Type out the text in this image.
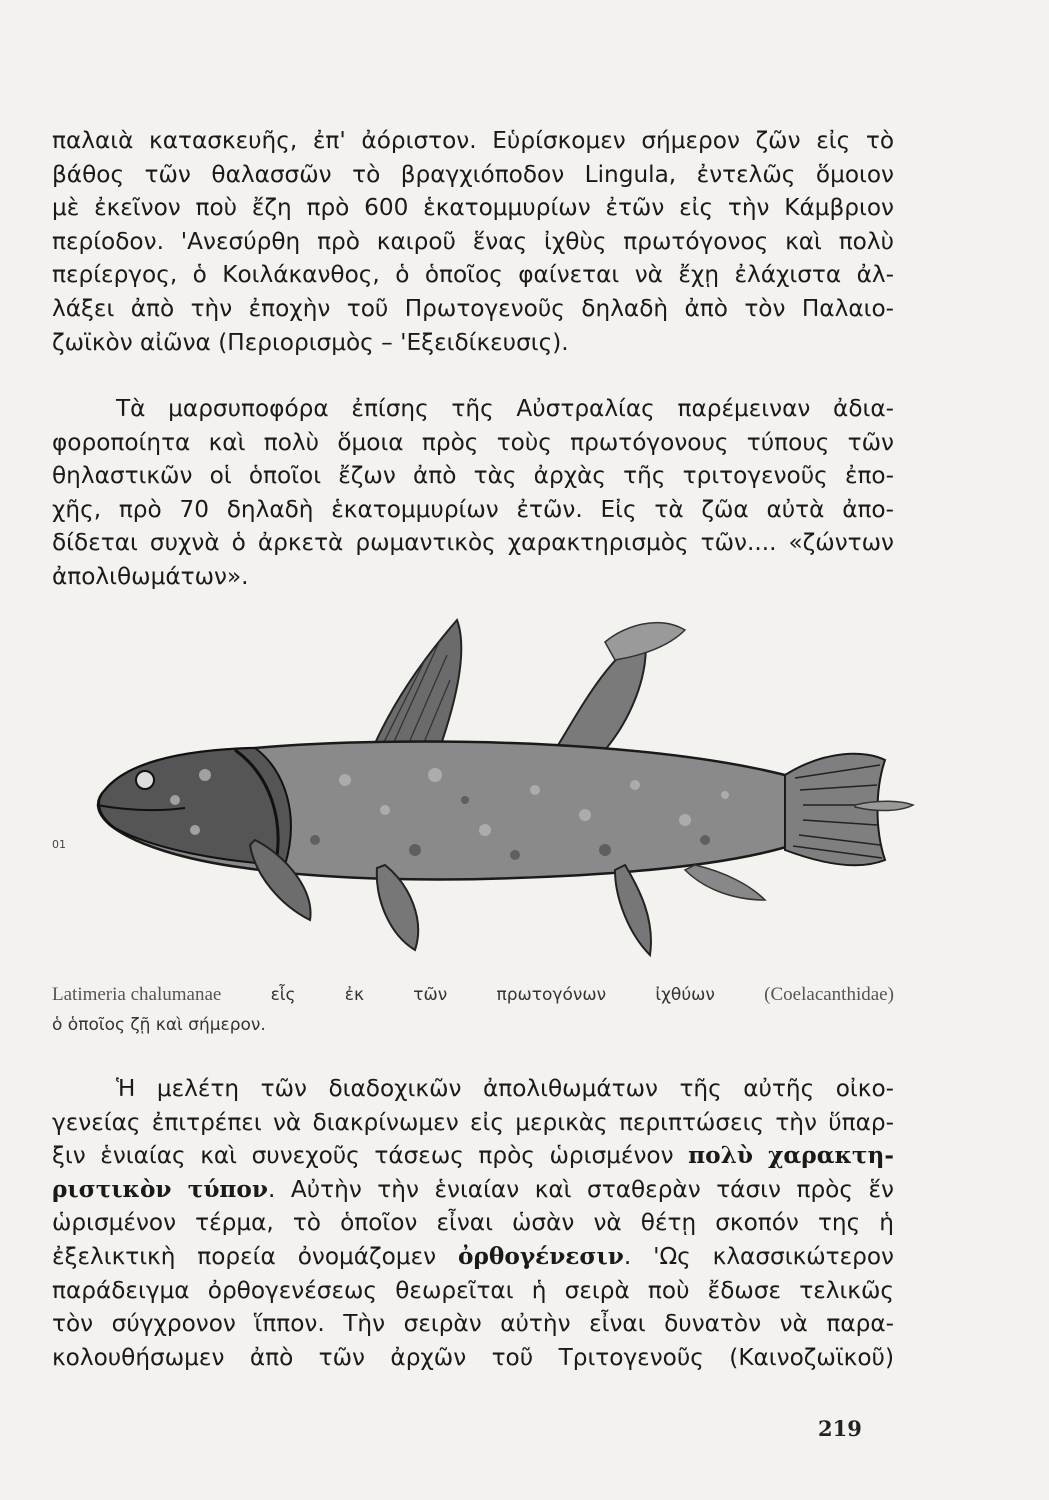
παλαιὰ κατασκευῆς, ἐπ' ἀόριστον. Εὑρίσκομεν σήμερον ζῶν εἰς τὸ
βάθος τῶν θαλασσῶν τὸ βραγχιόποδον Lingula, ἐντελῶς ὅμοιον
μὲ ἐκεῖνον ποὺ ἔζη πρὸ 600 ἑκατομμυρίων ἐτῶν εἰς τὴν Κάμβριον
περίοδον. 'Ανεσύρθη πρὸ καιροῦ ἕνας ἰχθὺς πρωτόγονος καὶ πολὺ
περίεργος, ὁ Κοιλάκανθος, ὁ ὁποῖος φαίνεται νὰ ἔχῃ ἐλάχιστα ἀλ-
λάξει ἀπὸ τὴν ἐποχὴν τοῦ Πρωτογενοῦς δηλαδὴ ἀπὸ τὸν Παλαιο-
ζωϊκὸν αἰῶνα (Περιορισμὸς – 'Εξειδίκευσις).
Τὰ μαρσυποφόρα ἐπίσης τῆς Αὐστραλίας παρέμειναν ἀδια-
φοροποίητα καὶ πολὺ ὅμοια πρὸς τοὺς πρωτόγονους τύπους τῶν
θηλαστικῶν οἱ ὁποῖοι ἔζων ἀπὸ τὰς ἀρχὰς τῆς τριτογενοῦς ἐπο-
χῆς, πρὸ 70 δηλαδὴ ἑκατομμυρίων ἐτῶν. Εἰς τὰ ζῶα αὐτὰ ἀπο-
δίδεται συχνὰ ὁ ἀρκετὰ ρωμαντικὸς χαρακτηρισμὸς τῶν.... «ζώντων
ἀπολιθωμάτων».
01
Latimeria chalumanae	εἷς	ἐκ	τῶν	πρωτογόνων	ἰχθύων	(Coelacanthidae)
ὁ ὁποῖος ζῇ καὶ σήμερον.
Ἡ μελέτη τῶν διαδοχικῶν ἀπολιθωμάτων τῆς αὐτῆς οἰκο-
γενείας ἐπιτρέπει νὰ διακρίνωμεν εἰς μερικὰς περιπτώσεις τὴν ὕπαρ-
ξιν ἑνιαίας καὶ συνεχοῦς τάσεως πρὸς ὡρισμένον πολὺ χαρακτη-
ριστικὸν τύπον. Αὐτὴν τὴν ἑνιαίαν καὶ σταθερὰν τάσιν πρὸς ἕν
ὡρισμένον τέρμα, τὸ ὁποῖον εἶναι ὡσὰν νὰ θέτῃ σκοπόν της ἡ
ἐξελικτικὴ πορεία ὀνομάζομεν ὀρθογένεσιν. 'Ως κλασσικώτερον
παράδειγμα ὀρθογενέσεως θεωρεῖται ἡ σειρὰ ποὺ ἔδωσε τελικῶς
τὸν σύγχρονον ἵππον. Τὴν σειρὰν αὐτὴν εἶναι δυνατὸν νὰ παρα-
κολουθήσωμεν ἀπὸ τῶν ἀρχῶν τοῦ Τριτογενοῦς (Καινοζωϊκοῦ)
219
